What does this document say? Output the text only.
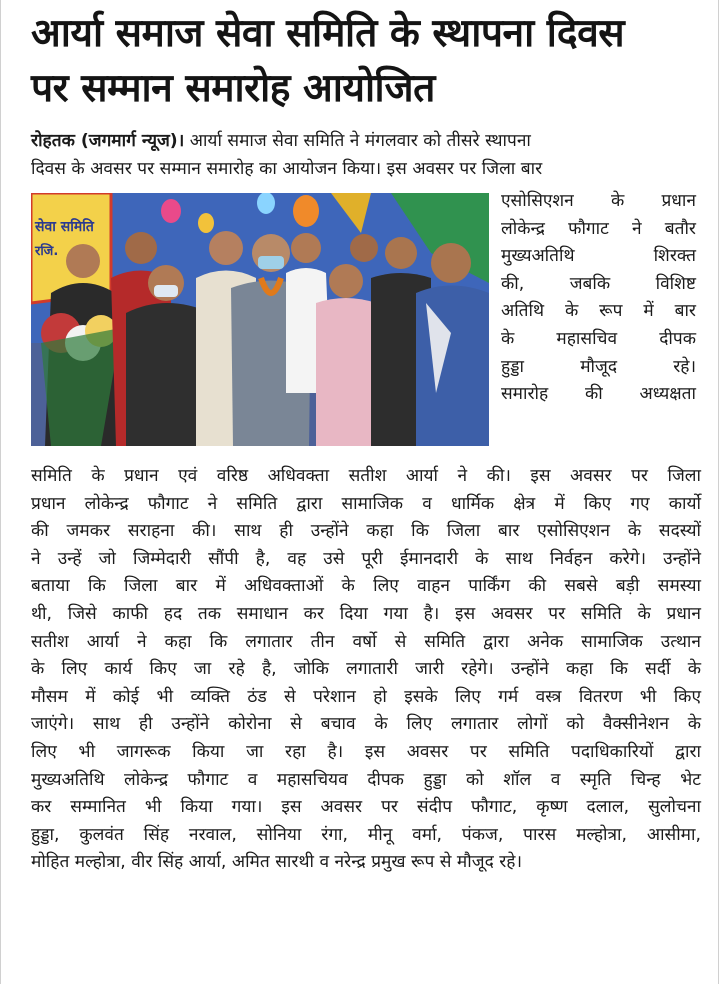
आर्या समाज सेवा समिति के स्थापना दिवस
पर सम्मान समारोह आयोजित
रोहतक (जगमार्ग न्यूज)। आर्या समाज सेवा समिति ने मंगलवार को तीसरे स्थापना
दिवस के अवसर पर सम्मान समारोह का आयोजन किया। इस अवसर पर जिला बार
सेवा समिति
रजि.
एसोसिएशन के प्रधान
लोकेन्द्र फौगाट ने बतौर
मुख्यअतिथि शिरक्त
की, जबकि विशिष्ट
अतिथि के रूप में बार
के महासचिव दीपक
हुड्डा मौजूद रहे।
समारोह की अध्यक्षता
समिति के प्रधान एवं वरिष्ठ अधिवक्ता सतीश आर्या ने की। इस अवसर पर जिला
प्रधान लोकेन्द्र फौगाट ने समिति द्वारा सामाजिक व धार्मिक क्षेत्र में किए गए कार्यो
की जमकर सराहना की। साथ ही उन्होंने कहा कि जिला बार एसोसिएशन के सदस्यों
ने उन्हें जो जिम्मेदारी सौंपी है, वह उसे पूरी ईमानदारी के साथ निर्वहन करेगे। उन्होंने
बताया कि जिला बार में अधिवक्ताओं के लिए वाहन पार्किंग की सबसे बड़ी समस्या
थी, जिसे काफी हद तक समाधान कर दिया गया है। इस अवसर पर समिति के प्रधान
सतीश आर्या ने कहा कि लगातार तीन वर्षो से समिति द्वारा अनेक सामाजिक उत्थान
के लिए कार्य किए जा रहे है, जोकि लगातारी जारी रहेगे। उन्होंने कहा कि सर्दी के
मौसम में कोई भी व्यक्ति ठंड से परेशान हो इसके लिए गर्म वस्त्र वितरण भी किए
जाएंगे। साथ ही उन्होंने कोरोना से बचाव के लिए लगातार लोगों को वैक्सीनेशन के
लिए भी जागरूक किया जा रहा है। इस अवसर पर समिति पदाधिकारियों द्वारा
मुख्यअतिथि लोकेन्द्र फौगाट व महासचियव दीपक हुड्डा को शॉल व स्मृति चिन्ह भेट
कर सम्मानित भी किया गया। इस अवसर पर संदीप फौगाट, कृष्ण दलाल, सुलोचना
हुड्डा, कुलवंत सिंह नरवाल, सोनिया रंगा, मीनू वर्मा, पंकज, पारस मल्होत्रा, आसीमा,
मोहित मल्होत्रा, वीर सिंह आर्या, अमित सारथी व नरेन्द्र प्रमुख रूप से मौजूद रहे।
